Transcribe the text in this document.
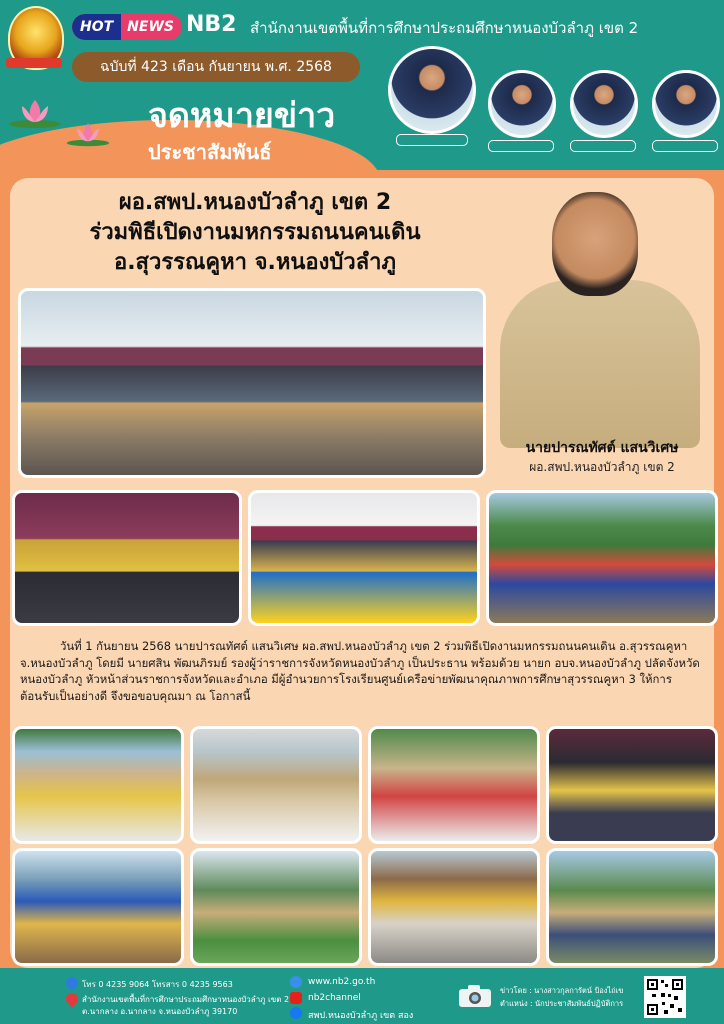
HOT	NEWS NB2 สำนักงานเขตพื้นที่การศึกษาประถมศึกษาหนองบัวลำภู เขต 2
ฉบับที่ 423 เดือน กันยายน พ.ศ. 2568
จดหมายข่าว
ประชาสัมพันธ์
ผอ.สพป.หนองบัวลำภู เขต 2
ร่วมพิธีเปิดงานมหกรรมถนนคนเดิน
อ.สุวรรณคูหา จ.หนองบัวลำภู
นายปารณทัศต์ แสนวิเศษ
ผอ.สพป.หนองบัวลำภู เขต 2
วันที่ 1 กันยายน 2568 นายปารณทัศต์ แสนวิเศษ ผอ.สพป.หนองบัวลำภู เขต 2 ร่วมพิธีเปิดงานมหกรรมถนนคนเดิน อ.สุวรรณคูหา จ.หนองบัวลำภู โดยมี นายศสิน พัฒนภิรมย์ รองผู้ว่าราชการจังหวัดหนองบัวลำภู เป็นประธาน พร้อมด้วย นายก อบจ.หนองบัวลำภู ปลัดจังหวัดหนองบัวลำภู หัวหน้าส่วนราชการจังหวัดและอำเภอ มีผู้อำนวยการโรงเรียนศูนย์เครือข่ายพัฒนาคุณภาพการศึกษาสุวรรณคูหา 3 ให้การต้อนรับเป็นอย่างดี จึงขอขอบคุณมา ณ โอกาสนี้
โทร 0 4235 9064 โทรสาร 0 4235 9563
สำนักงานเขตพื้นที่การศึกษาประถมศึกษาหนองบัวลำภู เขต 2
ต.นากลาง อ.นากลาง จ.หนองบัวลำภู 39170
www.nb2.go.th
nb2channel
สพป.หนองบัวลำภู เขต สอง
ข่าวโดย : นางสาวกุลการัตน์ ป้องไถ่เข
ตำแหน่ง : นักประชาสัมพันธ์ปฏิบัติการ
